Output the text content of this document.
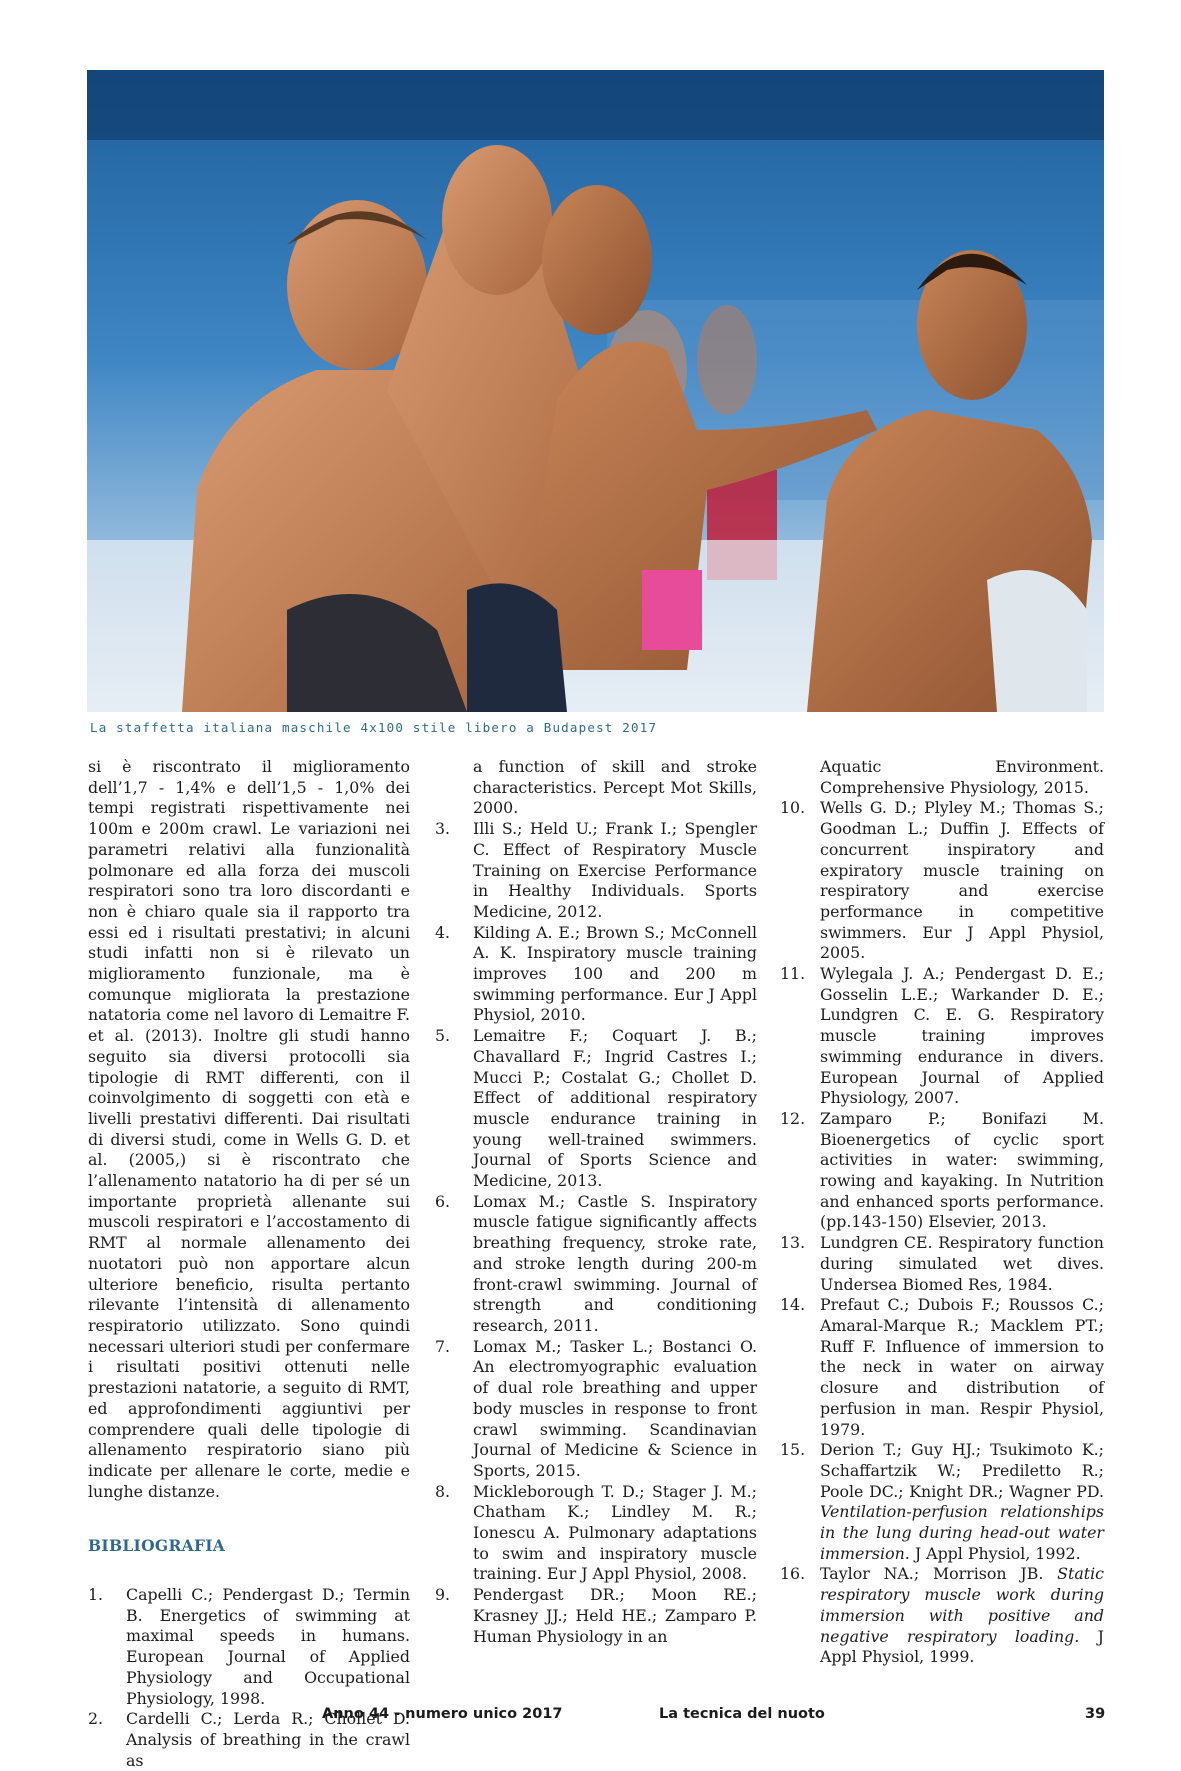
La staffetta italiana maschile 4x100 stile libero a Budapest 2017

si è riscontrato il miglioramento dell’1,7 - 1,4% e dell’1,5 - 1,0% dei tempi registrati rispettivamente nei 100m e 200m crawl. Le variazioni nei parametri relativi alla funzionalità polmonare ed alla forza dei muscoli respiratori sono tra loro discordanti e non è chiaro quale sia il rapporto tra essi ed i risultati prestativi; in alcuni studi infatti non si è rilevato un miglioramento funzionale, ma è comunque migliorata la prestazione natatoria come nel lavoro di Lemaitre F. et al. (2013). Inoltre gli studi hanno seguito sia diversi protocolli sia tipologie di RMT differenti, con il coinvolgimento di soggetti con età e livelli prestativi differenti. Dai risultati di diversi studi, come in Wells G. D. et al. (2005,) si è riscontrato che l’allenamento natatorio ha di per sé un importante proprietà allenante sui muscoli respiratori e l’accostamento di RMT al normale allenamento dei nuotatori può non apportare alcun ulteriore beneficio, risulta pertanto rilevante l’intensità di allenamento respiratorio utilizzato. Sono quindi necessari ulteriori studi per confermare i risultati positivi ottenuti nelle prestazioni natatorie, a seguito di RMT, ed approfondimenti aggiuntivi per comprendere quali delle tipologie di allenamento respiratorio siano più indicate per allenare le corte, medie e lunghe distanze.

BIBLIOGRAFIA
1.	Capelli C.; Pendergast D.; Termin B. Energetics of swimming at maximal speeds in humans. European Journal of Applied Physiology and Occupational Physiology, 1998.
2.	Cardelli C.; Lerda R.; Chollet D. Analysis of breathing in the crawl as
a function of skill and stroke characteristics. Percept Mot Skills, 2000.
3.	Illi S.; Held U.; Frank I.; Spengler C. Effect of Respiratory Muscle Training on Exercise Performance in Healthy Individuals. Sports Medicine, 2012.
4.	Kilding A. E.; Brown S.; McConnell A. K. Inspiratory muscle training improves 100 and 200 m swimming performance. Eur J Appl Physiol, 2010.
5.	Lemaitre F.; Coquart J. B.; Chavallard F.; Ingrid Castres I.; Mucci P.; Costalat G.; Chollet D. Effect of additional respiratory muscle endurance training in young well-trained swimmers. Journal of Sports Science and Medicine, 2013.
6.	Lomax M.; Castle S. Inspiratory muscle fatigue significantly affects breathing frequency, stroke rate, and stroke length during 200-m front-crawl swimming. Journal of strength and conditioning research, 2011.
7.	Lomax M.; Tasker L.; Bostanci O. An electromyographic evaluation of dual role breathing and upper body muscles in response to front crawl swimming. Scandinavian Journal of Medicine & Science in Sports, 2015.
8.	Mickleborough T. D.; Stager J. M.; Chatham K.; Lindley M. R.; Ionescu A. Pulmonary adaptations to swim and inspiratory muscle training. Eur J Appl Physiol, 2008.
9.	Pendergast DR.; Moon RE.; Krasney JJ.; Held HE.; Zamparo P. Human Physiology in an
Aquatic Environment. Comprehensive Physiology, 2015.
10. Wells G. D.; Plyley M.; Thomas S.; Goodman L.; Duffin J. Effects of concurrent inspiratory and expiratory muscle training on respiratory and exercise performance in competitive swimmers. Eur J Appl Physiol, 2005.
11. Wylegala J. A.; Pendergast D. E.; Gosselin L.E.; Warkander D. E.; Lundgren C. E. G. Respiratory muscle training improves swimming endurance in divers. European Journal of Applied Physiology, 2007.
12. Zamparo P.; Bonifazi M. Bioenergetics of cyclic sport activities in water: swimming, rowing and kayaking. In Nutrition and enhanced sports performance. (pp.143-150) Elsevier, 2013.
13. Lundgren CE. Respiratory function during simulated wet dives. Undersea Biomed Res, 1984.
14. Prefaut C.; Dubois F.; Roussos C.; Amaral-Marque R.; Macklem PT.; Ruff F. Influence of immersion to the neck in water on airway closure and distribution of perfusion in man. Respir Physiol, 1979.
15. Derion T.; Guy HJ.; Tsukimoto K.; Schaffartzik W.; Prediletto R.; Poole DC.; Knight DR.; Wagner PD. Ventilation-perfusion relationships in the lung during head-out water immersion. J Appl Physiol, 1992.
16. Taylor NA.; Morrison JB. Static respiratory muscle work during immersion with positive and negative respiratory loading. J Appl Physiol, 1999.
Anno 44 - numero unico 2017	La tecnica del nuoto	39
